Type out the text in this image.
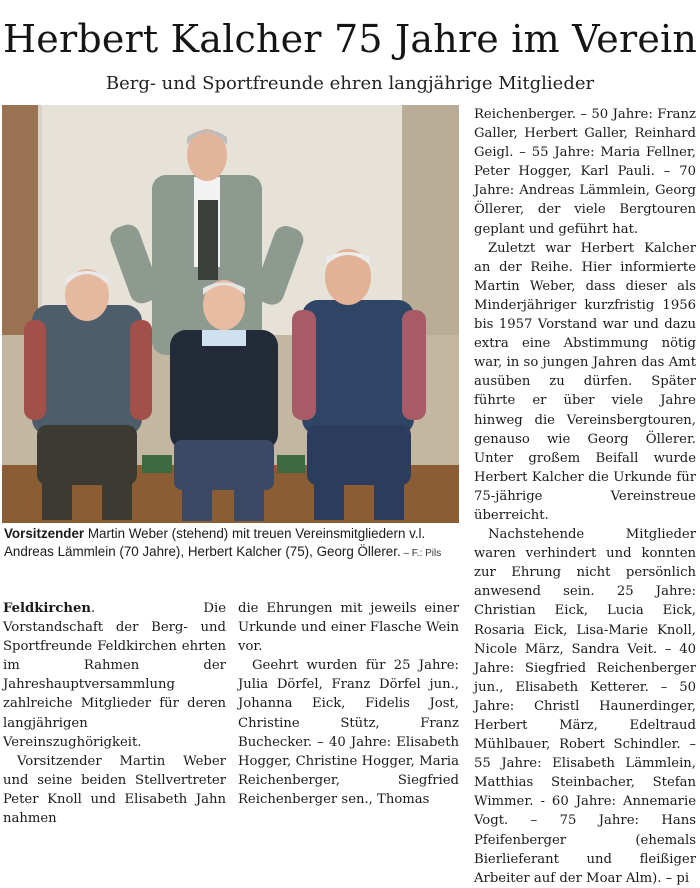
Herbert Kalcher 75 Jahre im Verein
Berg- und Sportfreunde ehren langjährige Mitglieder
Vorsitzender Martin Weber (stehend) mit treuen Vereinsmitgliedern v.l. Andreas Lämmlein (70 Jahre), Herbert Kalcher (75), Georg Öllerer. – F.: Pils

Feldkirchen. Die Vorstandschaft der Berg- und Sportfreunde Feldkirchen ehrten im Rahmen der Jahreshauptversammlung zahlreiche Mitglieder für deren langjährigen Vereinszughörigkeit.

Vorsitzender Martin Weber und seine beiden Stellvertreter Peter Knoll und Elisabeth Jahn nahmen

die Ehrungen mit jeweils einer Urkunde und einer Flasche Wein vor.

Geehrt wurden für 25 Jahre: Julia Dörfel, Franz Dörfel jun., Johanna Eick, Fidelis Jost, Christine Stütz, Franz Buchecker. – 40 Jahre: Elisabeth Hogger, Christine Hogger, Maria Reichenberger, Siegfried Reichenberger sen., Thomas

Reichenberger. – 50 Jahre: Franz Galler, Herbert Galler, Reinhard Geigl. – 55 Jahre: Maria Fellner, Peter Hogger, Karl Pauli. – 70 Jahre: Andreas Lämmlein, Georg Öllerer, der viele Bergtouren geplant und geführt hat.

Zuletzt war Herbert Kalcher an der Reihe. Hier informierte Martin Weber, dass dieser als Minderjähriger kurzfristig 1956 bis 1957 Vorstand war und dazu extra eine Abstimmung nötig war, in so jungen Jahren das Amt ausüben zu dürfen. Später führte er über viele Jahre hinweg die Vereinsbergtouren, genauso wie Georg Öllerer. Unter großem Beifall wurde Herbert Kalcher die Urkunde für 75-jährige Vereinstreue überreicht.

Nachstehende Mitglieder waren verhindert und konnten zur Ehrung nicht persönlich anwesend sein. 25 Jahre: Christian Eick, Lucia Eick, Rosaria Eick, Lisa-Marie Knoll, Nicole März, Sandra Veit. – 40 Jahre: Siegfried Reichenberger jun., Elisabeth Ketterer. – 50 Jahre: Christl Haunerdinger, Herbert März, Edeltraud Mühlbauer, Robert Schindler. – 55 Jahre: Elisabeth Lämmlein, Matthias Steinbacher, Stefan Wimmer. - 60 Jahre: Annemarie Vogt. – 75 Jahre: Hans Pfeifenberger (ehemals Bierlieferant und fleißiger Arbeiter auf der Moar Alm). – pi
